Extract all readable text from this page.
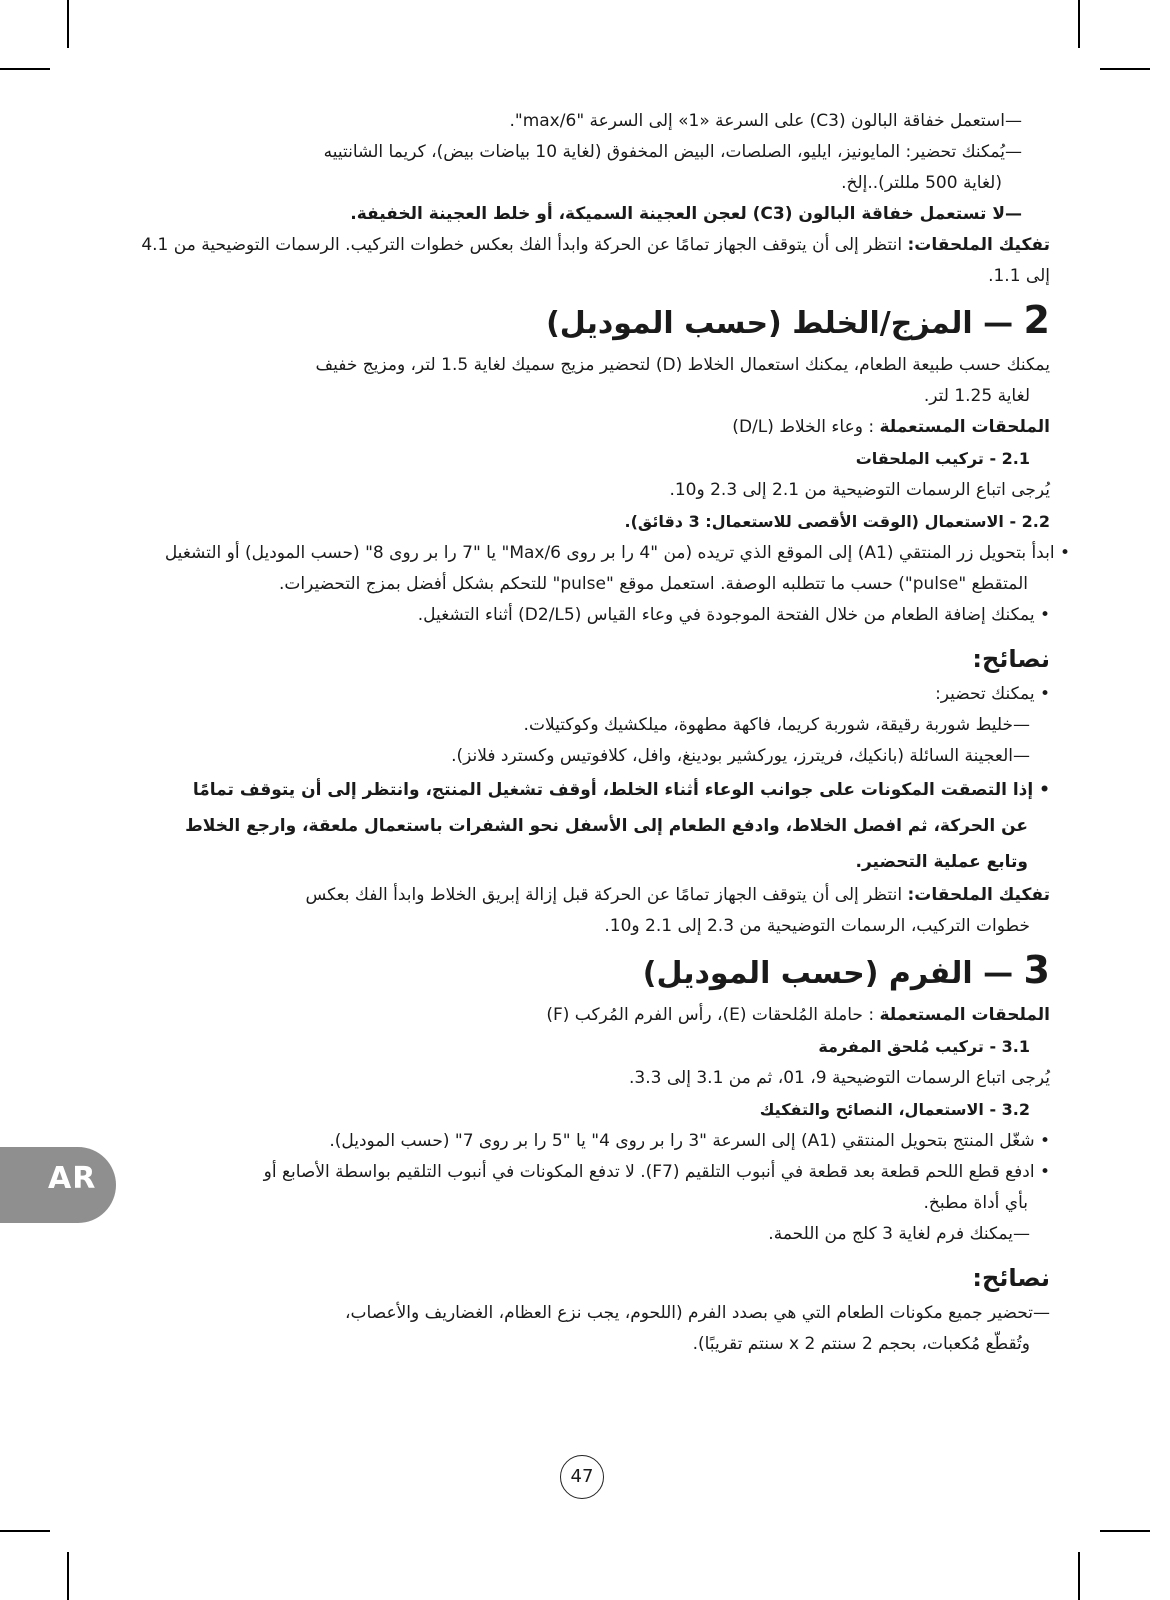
—استعمل خفاقة البالون (C3) على السرعة «1» إلى السرعة "6/max".
—يُمكنك تحضير: المايونيز، ايليو، الصلصات، البيض المخفوق (لغاية 10 بياضات بيض)، كريما الشانتييه
(لغاية 500 مللتر)..إلخ.
—لا تستعمل خفاقة البالون (C3) لعجن العجينة السميكة، أو خلط العجينة الخفيفة.
تفكيك الملحقات: انتظر إلى أن يتوقف الجهاز تمامًا عن الحركة وابدأ الفك بعكس خطوات التركيب. الرسمات التوضيحية من 4.1
إلى 1.1.
2 — المزج/الخلط (حسب الموديل)
يمكنك حسب طبيعة الطعام، يمكنك استعمال الخلاط (D) لتحضير مزيج سميك لغاية 1.5 لتر، ومزيج خفيف
لغاية 1.25 لتر.
الملحقات المستعملة : وعاء الخلاط (D/L)
2.1 - تركيب الملحقات
يُرجى اتباع الرسمات التوضيحية من 2.1 إلى 2.3 و10.
2.2 - الاستعمال (الوقت الأقصى للاستعمال: 3 دقائق).
• ابدأ بتحويل زر المنتقي (A1) إلى الموقع الذي تريده (من "4 را بر روى Max/6" يا "7 را بر روى 8" (حسب الموديل) أو التشغيل
المتقطع "pulse") حسب ما تتطلبه الوصفة. استعمل موقع "pulse" للتحكم بشكل أفضل بمزج التحضيرات.
• يمكنك إضافة الطعام من خلال الفتحة الموجودة في وعاء القياس (D2/L5) أثناء التشغيل.
نصائح:
• يمكنك تحضير:
—خليط شوربة رقيقة، شوربة كريما، فاكهة مطهوة، ميلكشيك وكوكتيلات.
—العجينة السائلة (بانكيك، فريترز، يوركشير بودينغ، وافل، كلافوتيس وكسترد فلانز).
• إذا التصقت المكونات على جوانب الوعاء أثناء الخلط، أوقف تشغيل المنتج، وانتظر إلى أن يتوقف تمامًا
عن الحركة، ثم افصل الخلاط، وادفع الطعام إلى الأسفل نحو الشفرات باستعمال ملعقة، وارجع الخلاط
وتابع عملية التحضير.
تفكيك الملحقات: انتظر إلى أن يتوقف الجهاز تمامًا عن الحركة قبل إزالة إبريق الخلاط وابدأ الفك بعكس
خطوات التركيب، الرسمات التوضيحية من 2.3 إلى 2.1 و10.
3 — الفرم (حسب الموديل)
الملحقات المستعملة : حاملة المُلحقات (E)، رأس الفرم المُركب (F)
3.1 - تركيب مُلحق المفرمة
يُرجى اتباع الرسمات التوضيحية 9، 01، ثم من 3.1 إلى 3.3.
3.2 - الاستعمال، النصائح والتفكيك
• شغّل المنتج بتحويل المنتقي (A1) إلى السرعة "3 را بر روى 4" يا "5 را بر روى 7" (حسب الموديل).
• ادفع قطع اللحم قطعة بعد قطعة في أنبوب التلقيم (F7). لا تدفع المكونات في أنبوب التلقيم بواسطة الأصابع أو
بأي أداة مطبخ.
—يمكنك فرم لغاية 3 كلج من اللحمة.
نصائح:
—تحضير جميع مكونات الطعام التي هي بصدد الفرم (اللحوم، يجب نزع العظام، الغضاريف والأعصاب،
وتُقطّع مُكعبات، بحجم 2 سنتم x 2 سنتم تقريبًا).
AR
47
